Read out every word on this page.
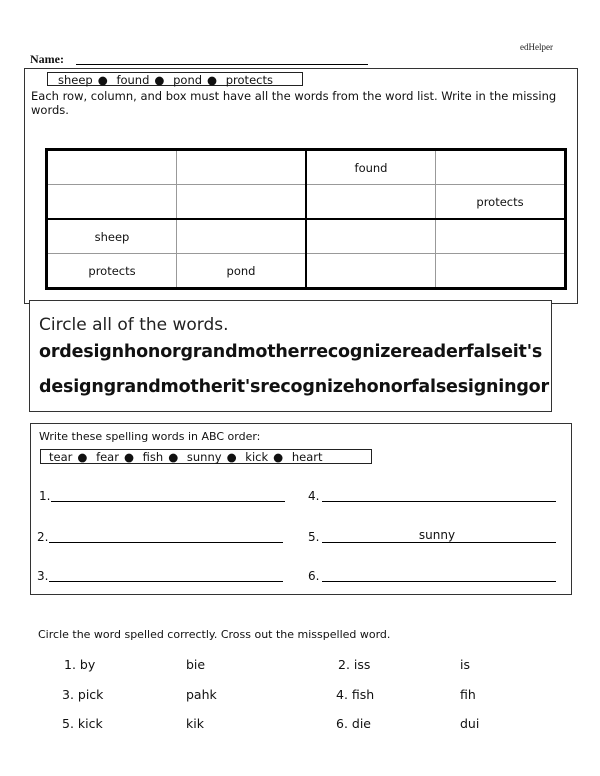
edHelper
Name:
sheep ● found ● pond ● protects
Each row, column, and box must have all the words from the word list. Write in the missing words.
		found	
			protects
sheep			
protects	pond		
Circle all of the words.
ordesignhonorgrandmotherrecognizereaderfalseit's
designgrandmotherit'srecognizehonorfalsesigningor
Write these spelling words in ABC order:
tear ● fear ● fish ● sunny ● kick ● heart
1.
2.
3.
4.
5.	sunny
6.
Circle the word spelled correctly. Cross out the misspelled word.
1. by	bie	2. iss	is
3. pick	pahk	4. fish	fih
5. kick	kik	6. die	dui
